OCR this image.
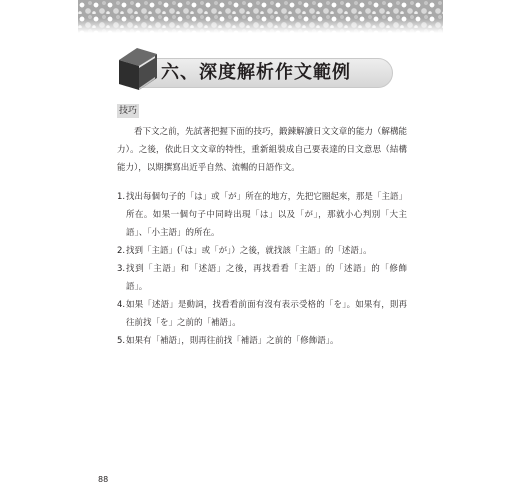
六、深度解析作文範例
技巧

看下文之前，先試著把握下面的技巧，鍛鍊解讀日文文章的能力（解構能力）。之後，依此日文文章的特性，重新組裝成自己要表達的日文意思（結構能力），以期撰寫出近乎自然、流暢的日語作文。

1. 找出每個句子的「は」或「が」所在的地方，先把它圈起來，那是「主語」所在。如果一個句子中同時出現「は」以及「が」，那就小心判別「大主語」、「小主語」的所在。
2. 找到「主語」(「は」或「が」）之後，就找該「主語」的「述語」。
3. 找到「主語」和「述語」之後，再找看看「主語」的「述語」的「修飾語」。
4. 如果「述語」是動詞，找看看前面有沒有表示受格的「を」。如果有，則再往前找「を」之前的「補語」。
5. 如果有「補語」，則再往前找「補語」之前的「修飾語」。
88
